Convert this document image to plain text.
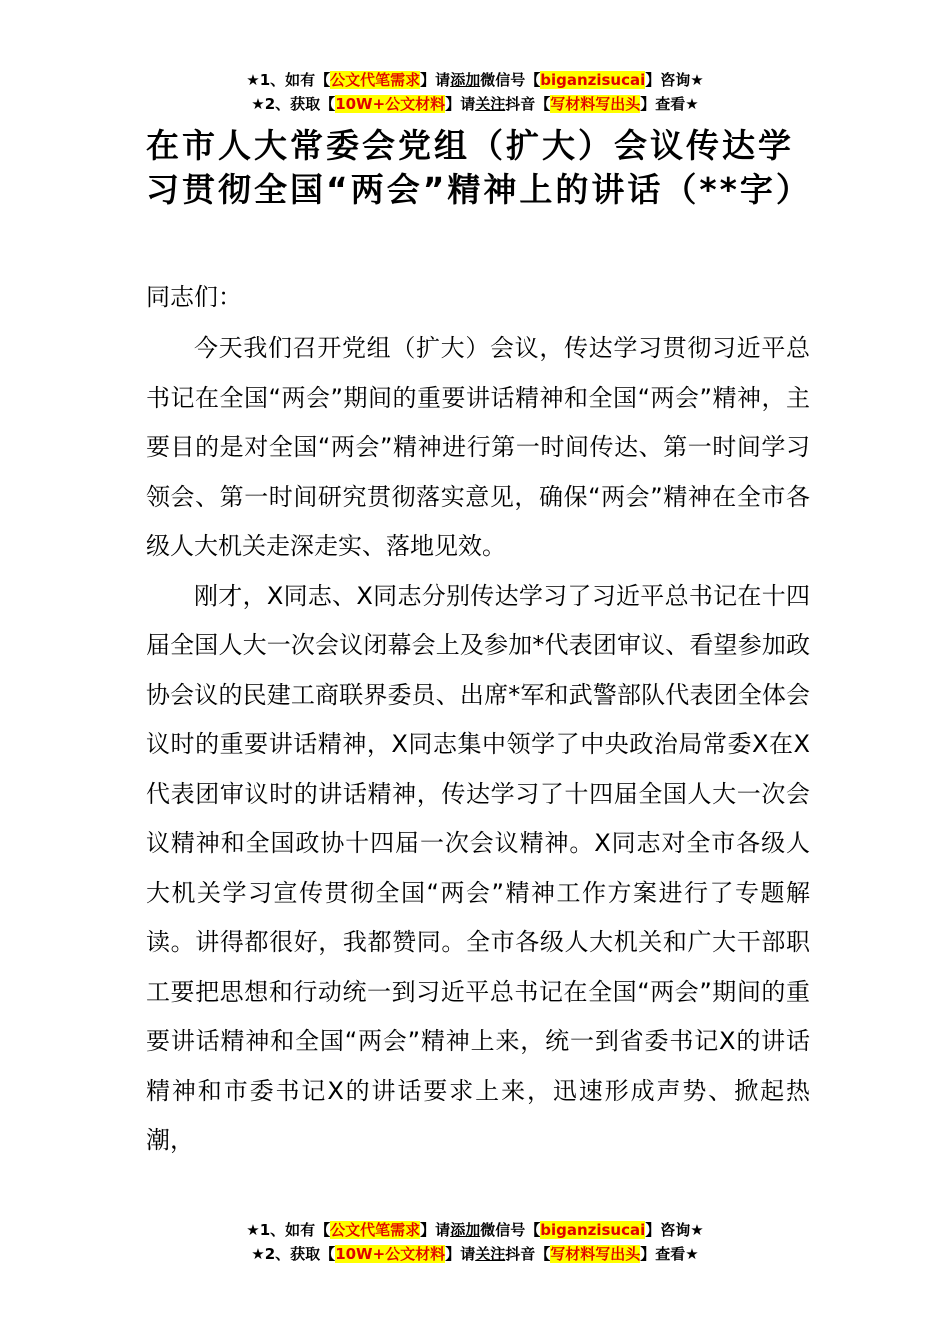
★1、如有【公文代笔需求】请添加微信号【biganzisucai】咨询★
★2、获取【10W+公文材料】请关注抖音【写材料写出头】查看★
在市人大常委会党组（扩大）会议传达学习贯彻全国“两会”精神上的讲话（**字）

同志们：

今天我们召开党组（扩大）会议，传达学习贯彻习近平总书记在全国“两会”期间的重要讲话精神和全国“两会”精神，主要目的是对全国“两会”精神进行第一时间传达、第一时间学习领会、第一时间研究贯彻落实意见，确保“两会”精神在全市各级人大机关走深走实、落地见效。

刚才，X同志、X同志分别传达学习了习近平总书记在十四届全国人大一次会议闭幕会上及参加*代表团审议、看望参加政协会议的民建工商联界委员、出席*军和武警部队代表团全体会议时的重要讲话精神，X同志集中领学了中央政治局常委X在X代表团审议时的讲话精神，传达学习了十四届全国人大一次会议精神和全国政协十四届一次会议精神。X同志对全市各级人大机关学习宣传贯彻全国“两会”精神工作方案进行了专题解读。讲得都很好，我都赞同。全市各级人大机关和广大干部职工要把思想和行动统一到习近平总书记在全国“两会”期间的重要讲话精神和全国“两会”精神上来，统一到省委书记X的讲话精神和市委书记X的讲话要求上来，迅速形成声势、掀起热潮，

★1、如有【公文代笔需求】请添加微信号【biganzisucai】咨询★
★2、获取【10W+公文材料】请关注抖音【写材料写出头】查看★
